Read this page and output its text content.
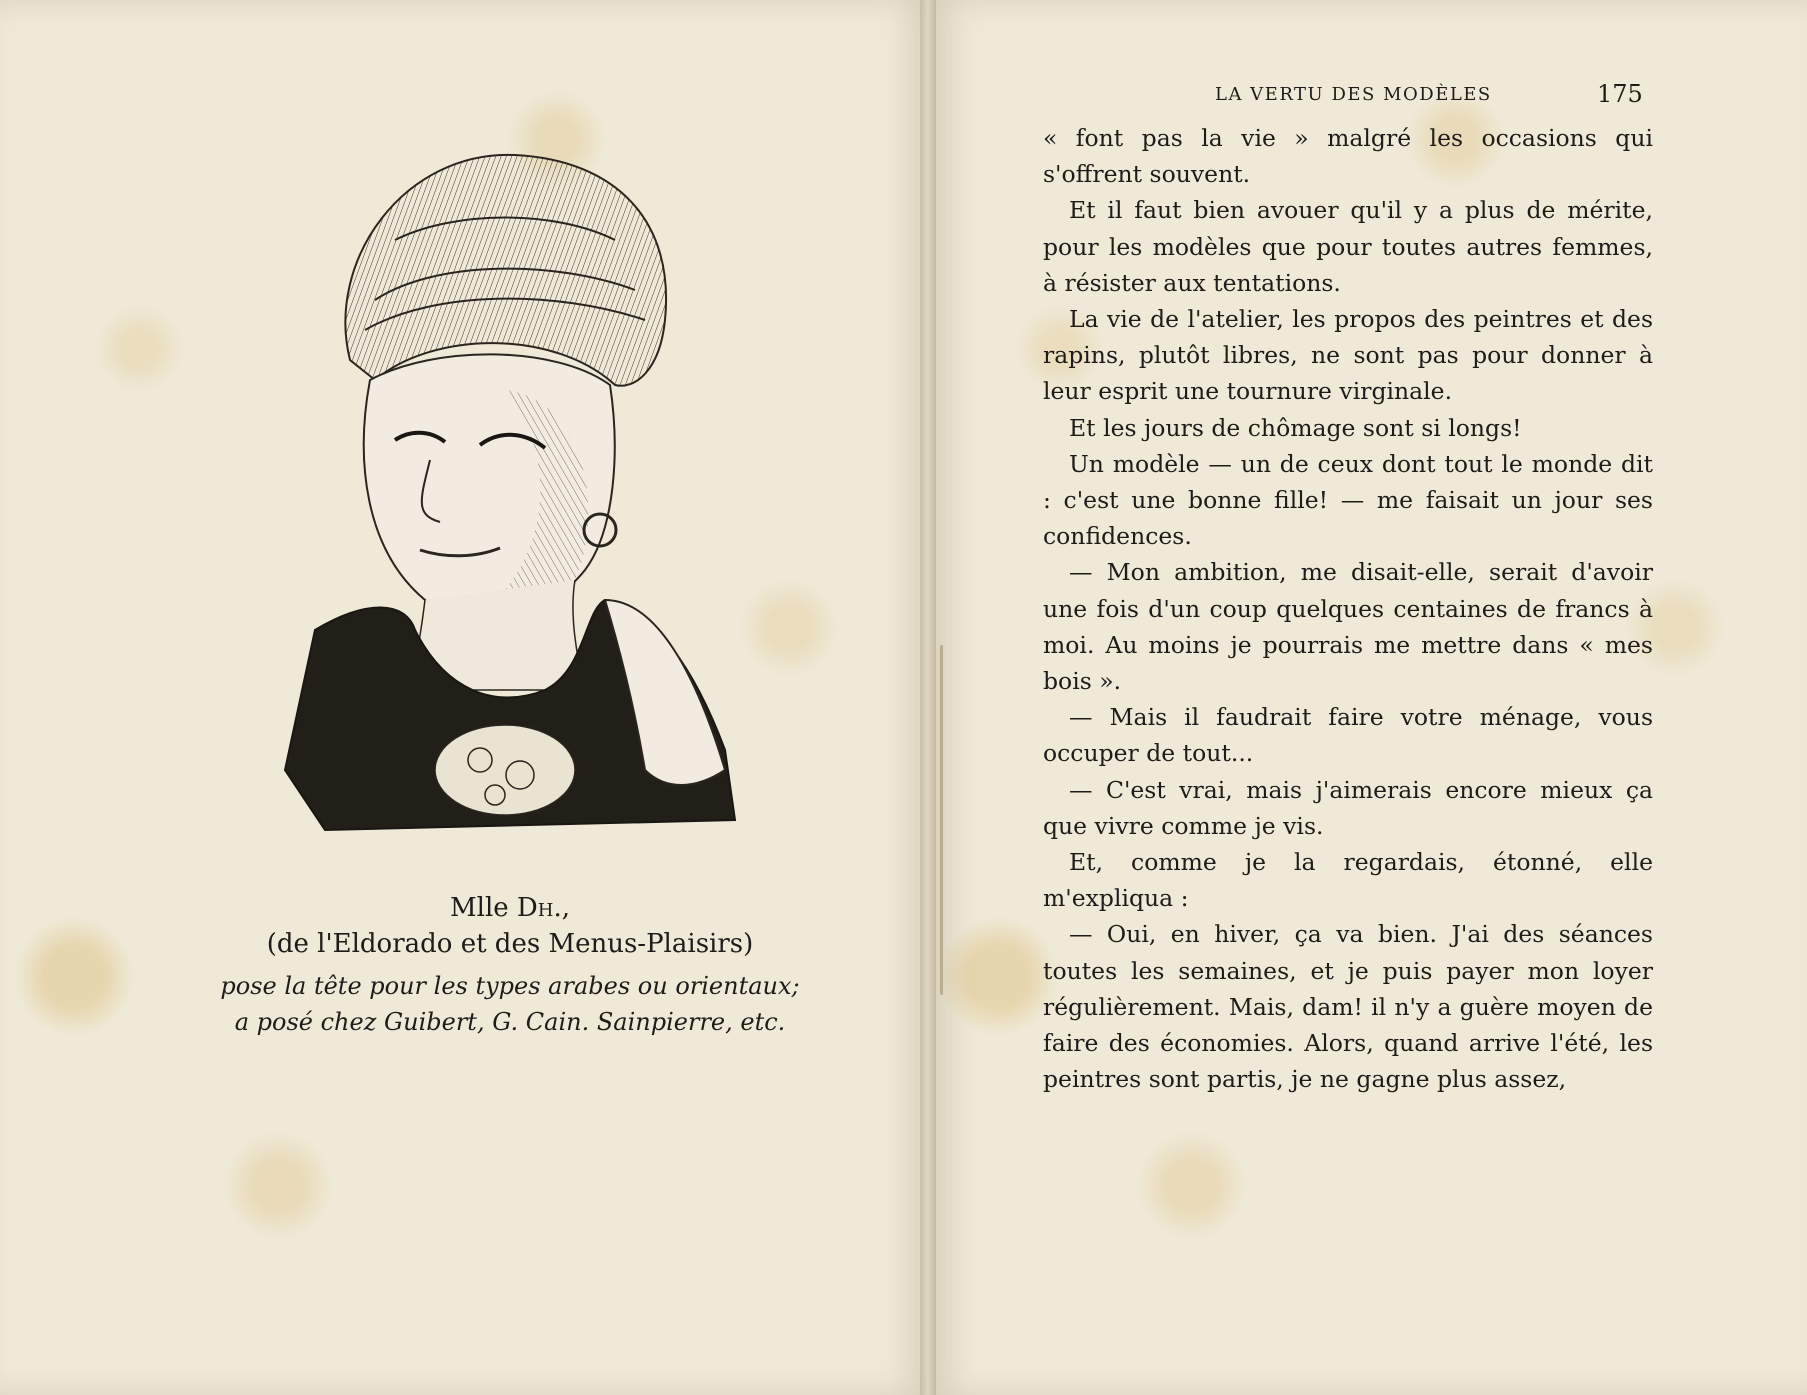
Mlle Dh.,
(de l'Eldorado et des Menus-Plaisirs)
pose la tête pour les types arabes ou orientaux;
a posé chez Guibert, G. Cain. Sainpierre, etc.
LA VERTU DES MODÈLES	175

« font pas la vie » malgré les occasions qui s'offrent souvent.

Et il faut bien avouer qu'il y a plus de mérite, pour les modèles que pour toutes autres femmes, à résister aux tentations.

La vie de l'atelier, les propos des peintres et des rapins, plutôt libres, ne sont pas pour donner à leur esprit une tournure virginale.

Et les jours de chômage sont si longs!

Un modèle — un de ceux dont tout le monde dit : c'est une bonne fille! — me faisait un jour ses confidences.

— Mon ambition, me disait-elle, serait d'avoir une fois d'un coup quelques centaines de francs à moi. Au moins je pourrais me mettre dans « mes bois ».

— Mais il faudrait faire votre ménage, vous occuper de tout...

— C'est vrai, mais j'aimerais encore mieux ça que vivre comme je vis.

Et, comme je la regardais, étonné, elle m'expliqua :

— Oui, en hiver, ça va bien. J'ai des séances toutes les semaines, et je puis payer mon loyer régulièrement. Mais, dam! il n'y a guère moyen de faire des économies. Alors, quand arrive l'été, les peintres sont partis, je ne gagne plus assez,
